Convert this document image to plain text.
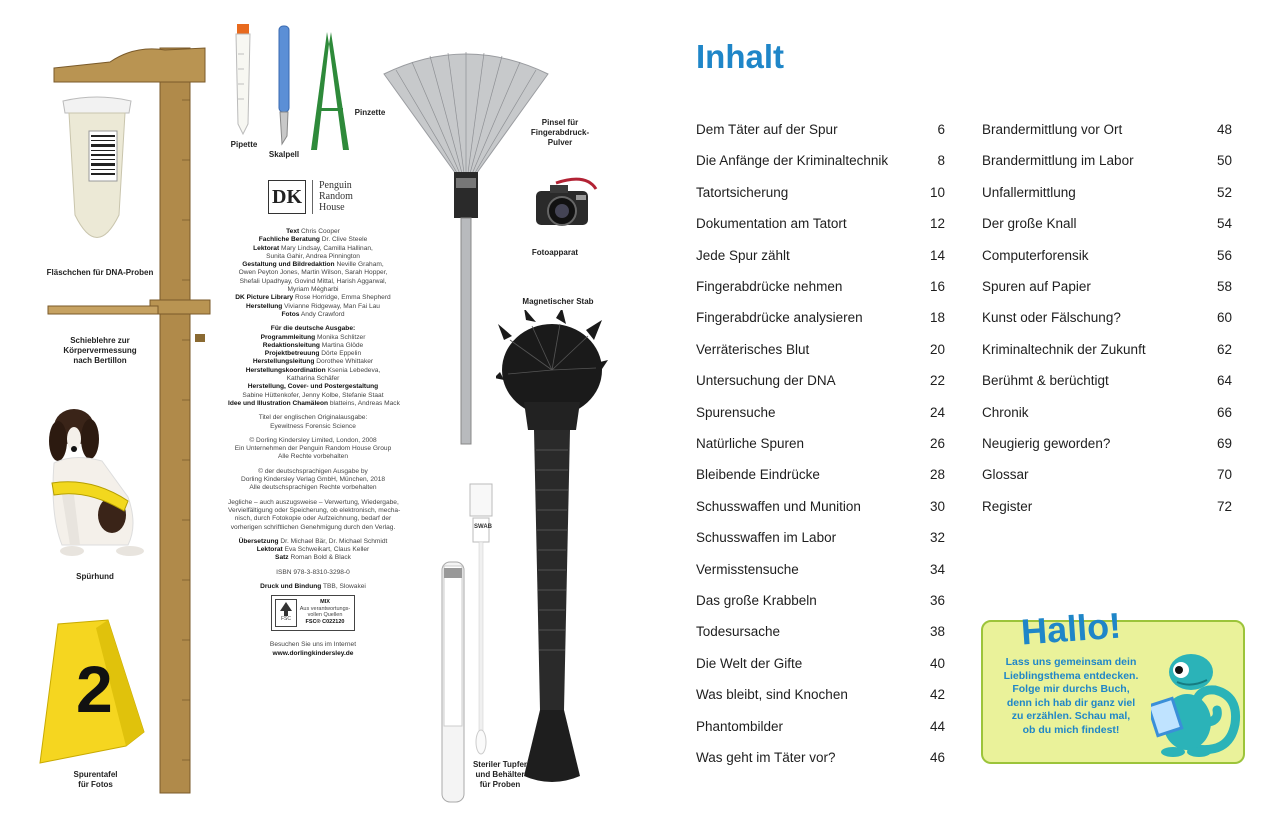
Fläschchen für DNA-Proben
Schieblehre zur
Körpervermessung
nach Bertillon
Spürhund
2
Spurentafel
für Fotos
Pipette
Skalpell
Pinzette
DK
Penguin
Random
House
Text Chris Cooper
Fachliche Beratung Dr. Clive Steele
Lektorat Mary Lindsay, Camilla Hallinan,
Sunita Gahir, Andrea Pinnington
Gestaltung und Bildredaktion Neville Graham,
Owen Peyton Jones, Martin Wilson, Sarah Hopper,
Shefali Upadhyay, Govind Mittal, Harish Aggarwal,
Myriam Mégharbi
DK Picture Library Rose Horridge, Emma Shepherd
Herstellung Vivianne Ridgeway, Man Fai Lau
Fotos Andy Crawford
Für die deutsche Ausgabe:
Programmleitung Monika Schlitzer
Redaktionsleitung Martina Glöde
Projektbetreuung Dörte Eppelin
Herstellungsleitung Dorothee Whittaker
Herstellungskoordination Ksenia Lebedeva,
Katharina Schäfer
Herstellung, Cover- und Postergestaltung
Sabine Hüttenkofer, Jenny Kolbe, Stefanie Staat
Idee und Illustration Chamäleon blatteins, Andreas Mack
Titel der englischen Originalausgabe:
Eyewitness Forensic Science
© Dorling Kindersley Limited, London, 2008
Ein Unternehmen der Penguin Random House Group
Alle Rechte vorbehalten
© der deutschsprachigen Ausgabe by
Dorling Kindersley Verlag GmbH, München, 2018
Alle deutschsprachigen Rechte vorbehalten
Jegliche – auch auszugsweise – Verwertung, Wiedergabe,
Vervielfältigung oder Speicherung, ob elektronisch, mecha-
nisch, durch Fotokopie oder Aufzeichnung, bedarf der
vorherigen schriftlichen Genehmigung durch den Verlag.
Übersetzung Dr. Michael Bär, Dr. Michael Schmidt
Lektorat Eva Schweikart, Claus Keller
Satz Roman Bold & Black
ISBN 978-3-8310-3298-0
Druck und Bindung TBB, Slowakei
FSC
MIX
Aus verantwortungs-vollen Quellen
FSC® C022120
Besuchen Sie uns im Internet
www.dorlingkindersley.de
Pinsel für
Fingerabdruck-
Pulver
Fotoapparat
Magnetischer Stab
SWAB
Steriler Tupfer
und Behälter
für Proben
Inhalt
Dem Täter auf der Spur	6
Die Anfänge der Kriminaltechnik	8
Tatortsicherung	10
Dokumentation am Tatort	12
Jede Spur zählt	14
Fingerabdrücke nehmen	16
Fingerabdrücke analysieren	18
Verräterisches Blut	20
Untersuchung der DNA	22
Spurensuche	24
Natürliche Spuren	26
Bleibende Eindrücke	28
Schusswaffen und Munition	30
Schusswaffen im Labor	32
Vermisstensuche	34
Das große Krabbeln	36
Todesursache	38
Die Welt der Gifte	40
Was bleibt, sind Knochen	42
Phantombilder	44
Was geht im Täter vor?	46
Brandermittlung vor Ort	48
Brandermittlung im Labor	50
Unfallermittlung	52
Der große Knall	54
Computerforensik	56
Spuren auf Papier	58
Kunst oder Fälschung?	60
Kriminaltechnik der Zukunft	62
Berühmt & berüchtigt	64
Chronik	66
Neugierig geworden?	69
Glossar	70
Register	72
Hallo!
Lass uns gemeinsam dein
Lieblingsthema entdecken.
Folge mir durchs Buch,
denn ich hab dir ganz viel
zu erzählen. Schau mal,
ob du mich findest!
